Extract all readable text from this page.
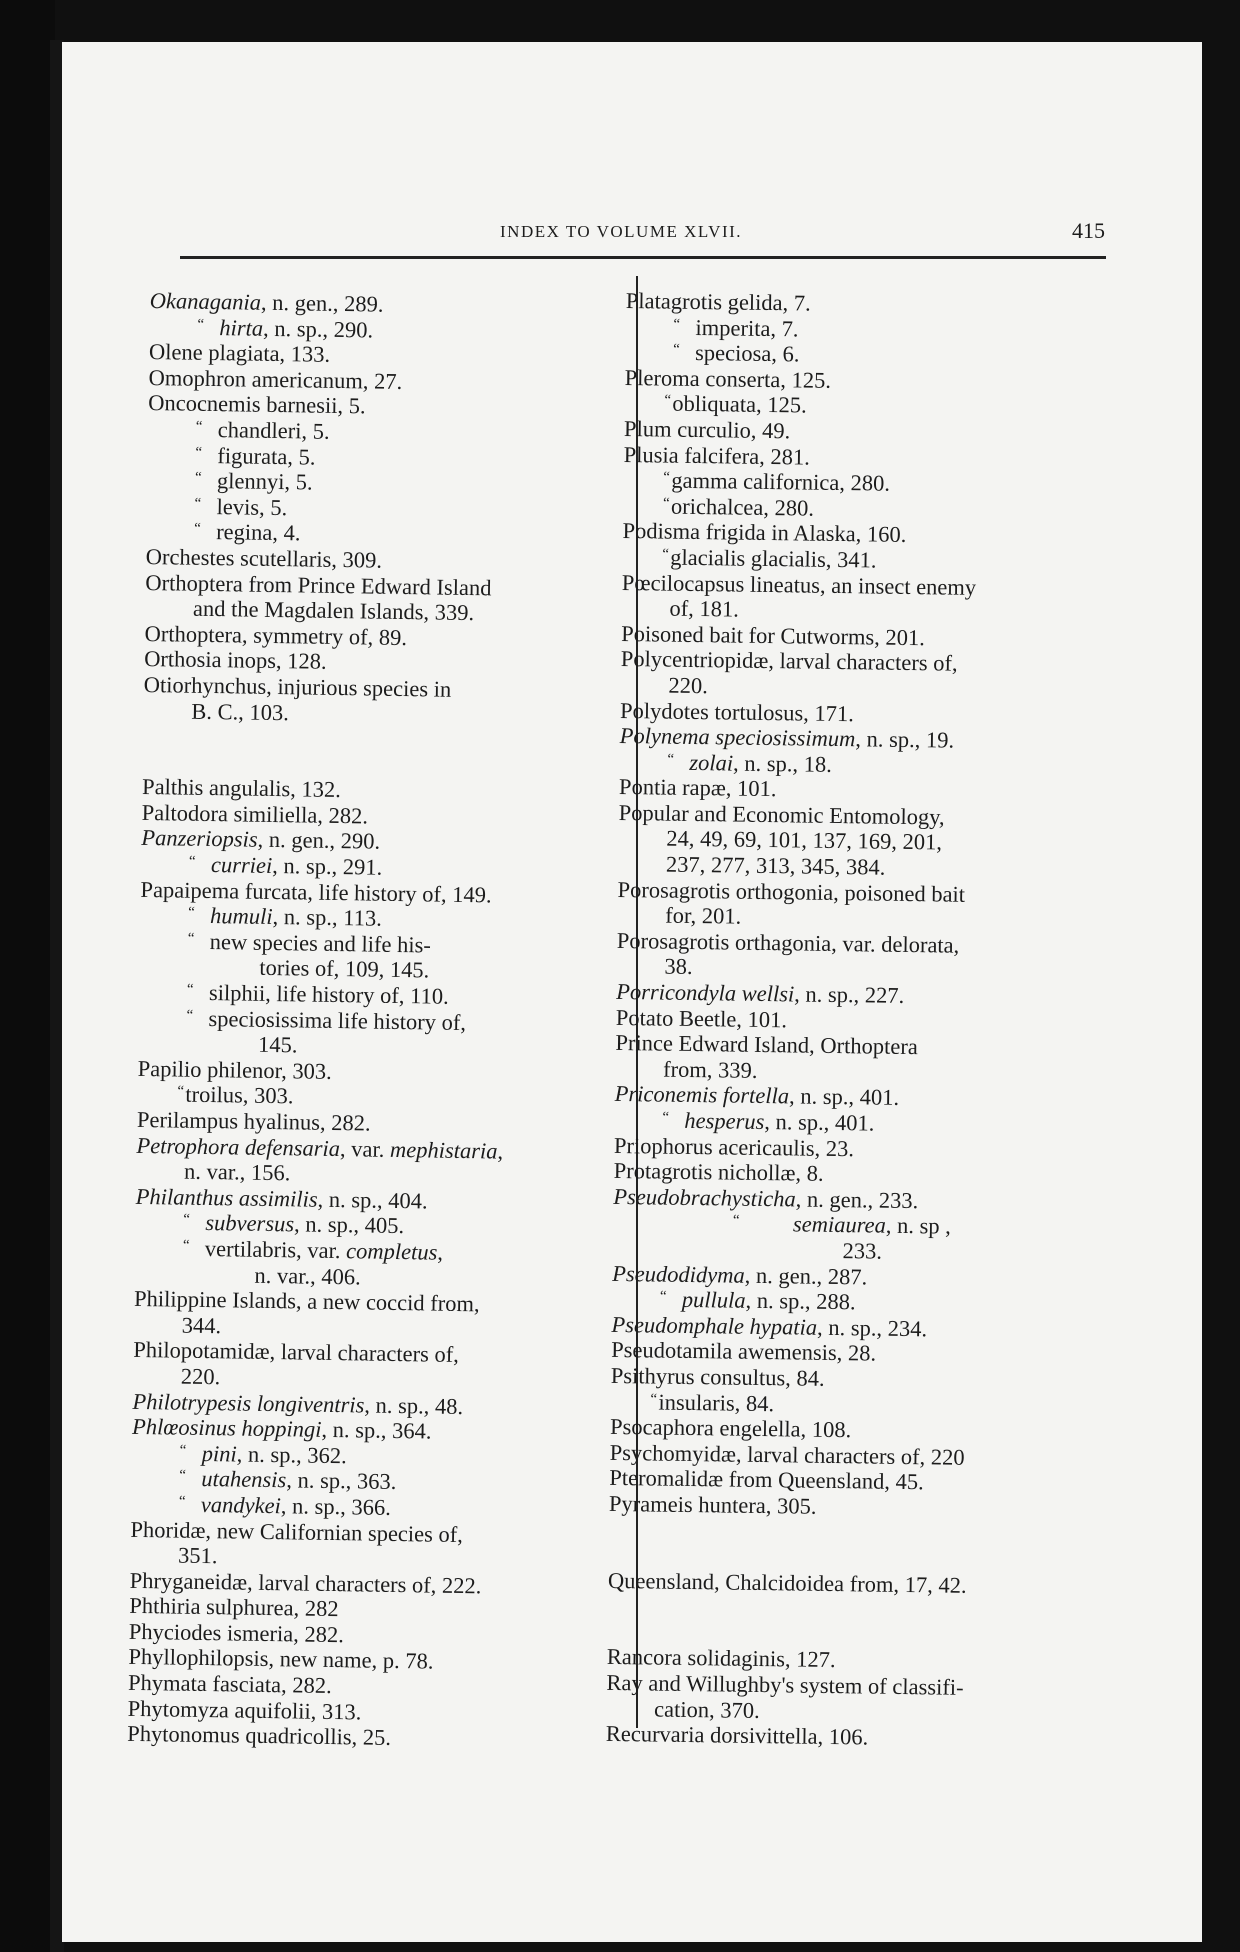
INDEX TO VOLUME XLVII.	415
Okanagania, n. gen., 289.
“ hirta, n. sp., 290.
Olene plagiata, 133.
Omophron americanum, 27.
Oncocnemis barnesii, 5.
“ chandleri, 5.
“ figurata, 5.
“ glennyi, 5.
“ levis, 5.
“ regina, 4.
Orchestes scutellaris, 309.
Orthoptera from Prince Edward Island
and the Magdalen Islands, 339.
Orthoptera, symmetry of, 89.
Orthosia inops, 128.
Otiorhynchus, injurious species in
B. C., 103.
Palthis angulalis, 132.
Paltodora similiella, 282.
Panzeriopsis, n. gen., 290.
“ curriei, n. sp., 291.
Papaipema furcata, life history of, 149.
“ humuli, n. sp., 113.
“ new species and life his-
tories of, 109, 145.
“ silphii, life history of, 110.
“ speciosissima life history of,
145.
Papilio philenor, 303.
“ troilus, 303.
Perilampus hyalinus, 282.
Petrophora defensaria, var. mephistaria,
n. var., 156.
Philanthus assimilis, n. sp., 404.
“ subversus, n. sp., 405.
“ vertilabris, var. completus,
n. var., 406.
Philippine Islands, a new coccid from,
344.
Philopotamidæ, larval characters of,
220.
Philotrypesis longiventris, n. sp., 48.
Phlœosinus hoppingi, n. sp., 364.
“ pini, n. sp., 362.
“ utahensis, n. sp., 363.
“ vandykei, n. sp., 366.
Phoridæ, new Californian species of,
351.
Phryganeidæ, larval characters of, 222.
Phthiria sulphurea, 282
Phyciodes ismeria, 282.
Phyllophilopsis, new name, p. 78.
Phymata fasciata, 282.
Phytomyza aquifolii, 313.
Phytonomus quadricollis, 25.
Platagrotis gelida, 7.
“ imperita, 7.
“ speciosa, 6.
Pleroma conserta, 125.
“ obliquata, 125.
Plum curculio, 49.
Plusia falcifera, 281.
“ gamma californica, 280.
“ orichalcea, 280.
Podisma frigida in Alaska, 160.
“ glacialis glacialis, 341.
Pœcilocapsus lineatus, an insect enemy
of, 181.
Poisoned bait for Cutworms, 201.
Polycentriopidæ, larval characters of,
220.
Polydotes tortulosus, 171.
Polynema speciosissimum, n. sp., 19.
“ zolai, n. sp., 18.
Pontia rapæ, 101.
Popular and Economic Entomology,
24, 49, 69, 101, 137, 169, 201,
237, 277, 313, 345, 384.
Porosagrotis orthogonia, poisoned bait
for, 201.
Porosagrotis orthagonia, var. delorata,
38.
Porricondyla wellsi, n. sp., 227.
Potato Beetle, 101.
Prince Edward Island, Orthoptera
from, 339.
Priconemis fortella, n. sp., 401.
“ hesperus, n. sp., 401.
Priophorus acericaulis, 23.
Protagrotis nichollæ, 8.
Pseudobrachysticha, n. gen., 233.
“ semiaurea, n. sp ,
233.
Pseudodidyma, n. gen., 287.
“ pullula, n. sp., 288.
Pseudomphale hypatia, n. sp., 234.
Pseudotamila awemensis, 28.
Psithyrus consultus, 84.
“ insularis, 84.
Psocaphora engelella, 108.
Psychomyidæ, larval characters of, 220
Pteromalidæ from Queensland, 45.
Pyrameis huntera, 305.
Queensland, Chalcidoidea from, 17, 42.
Rancora solidaginis, 127.
Ray and Willughby's system of classifi-
cation, 370.
Recurvaria dorsivittella, 106.
